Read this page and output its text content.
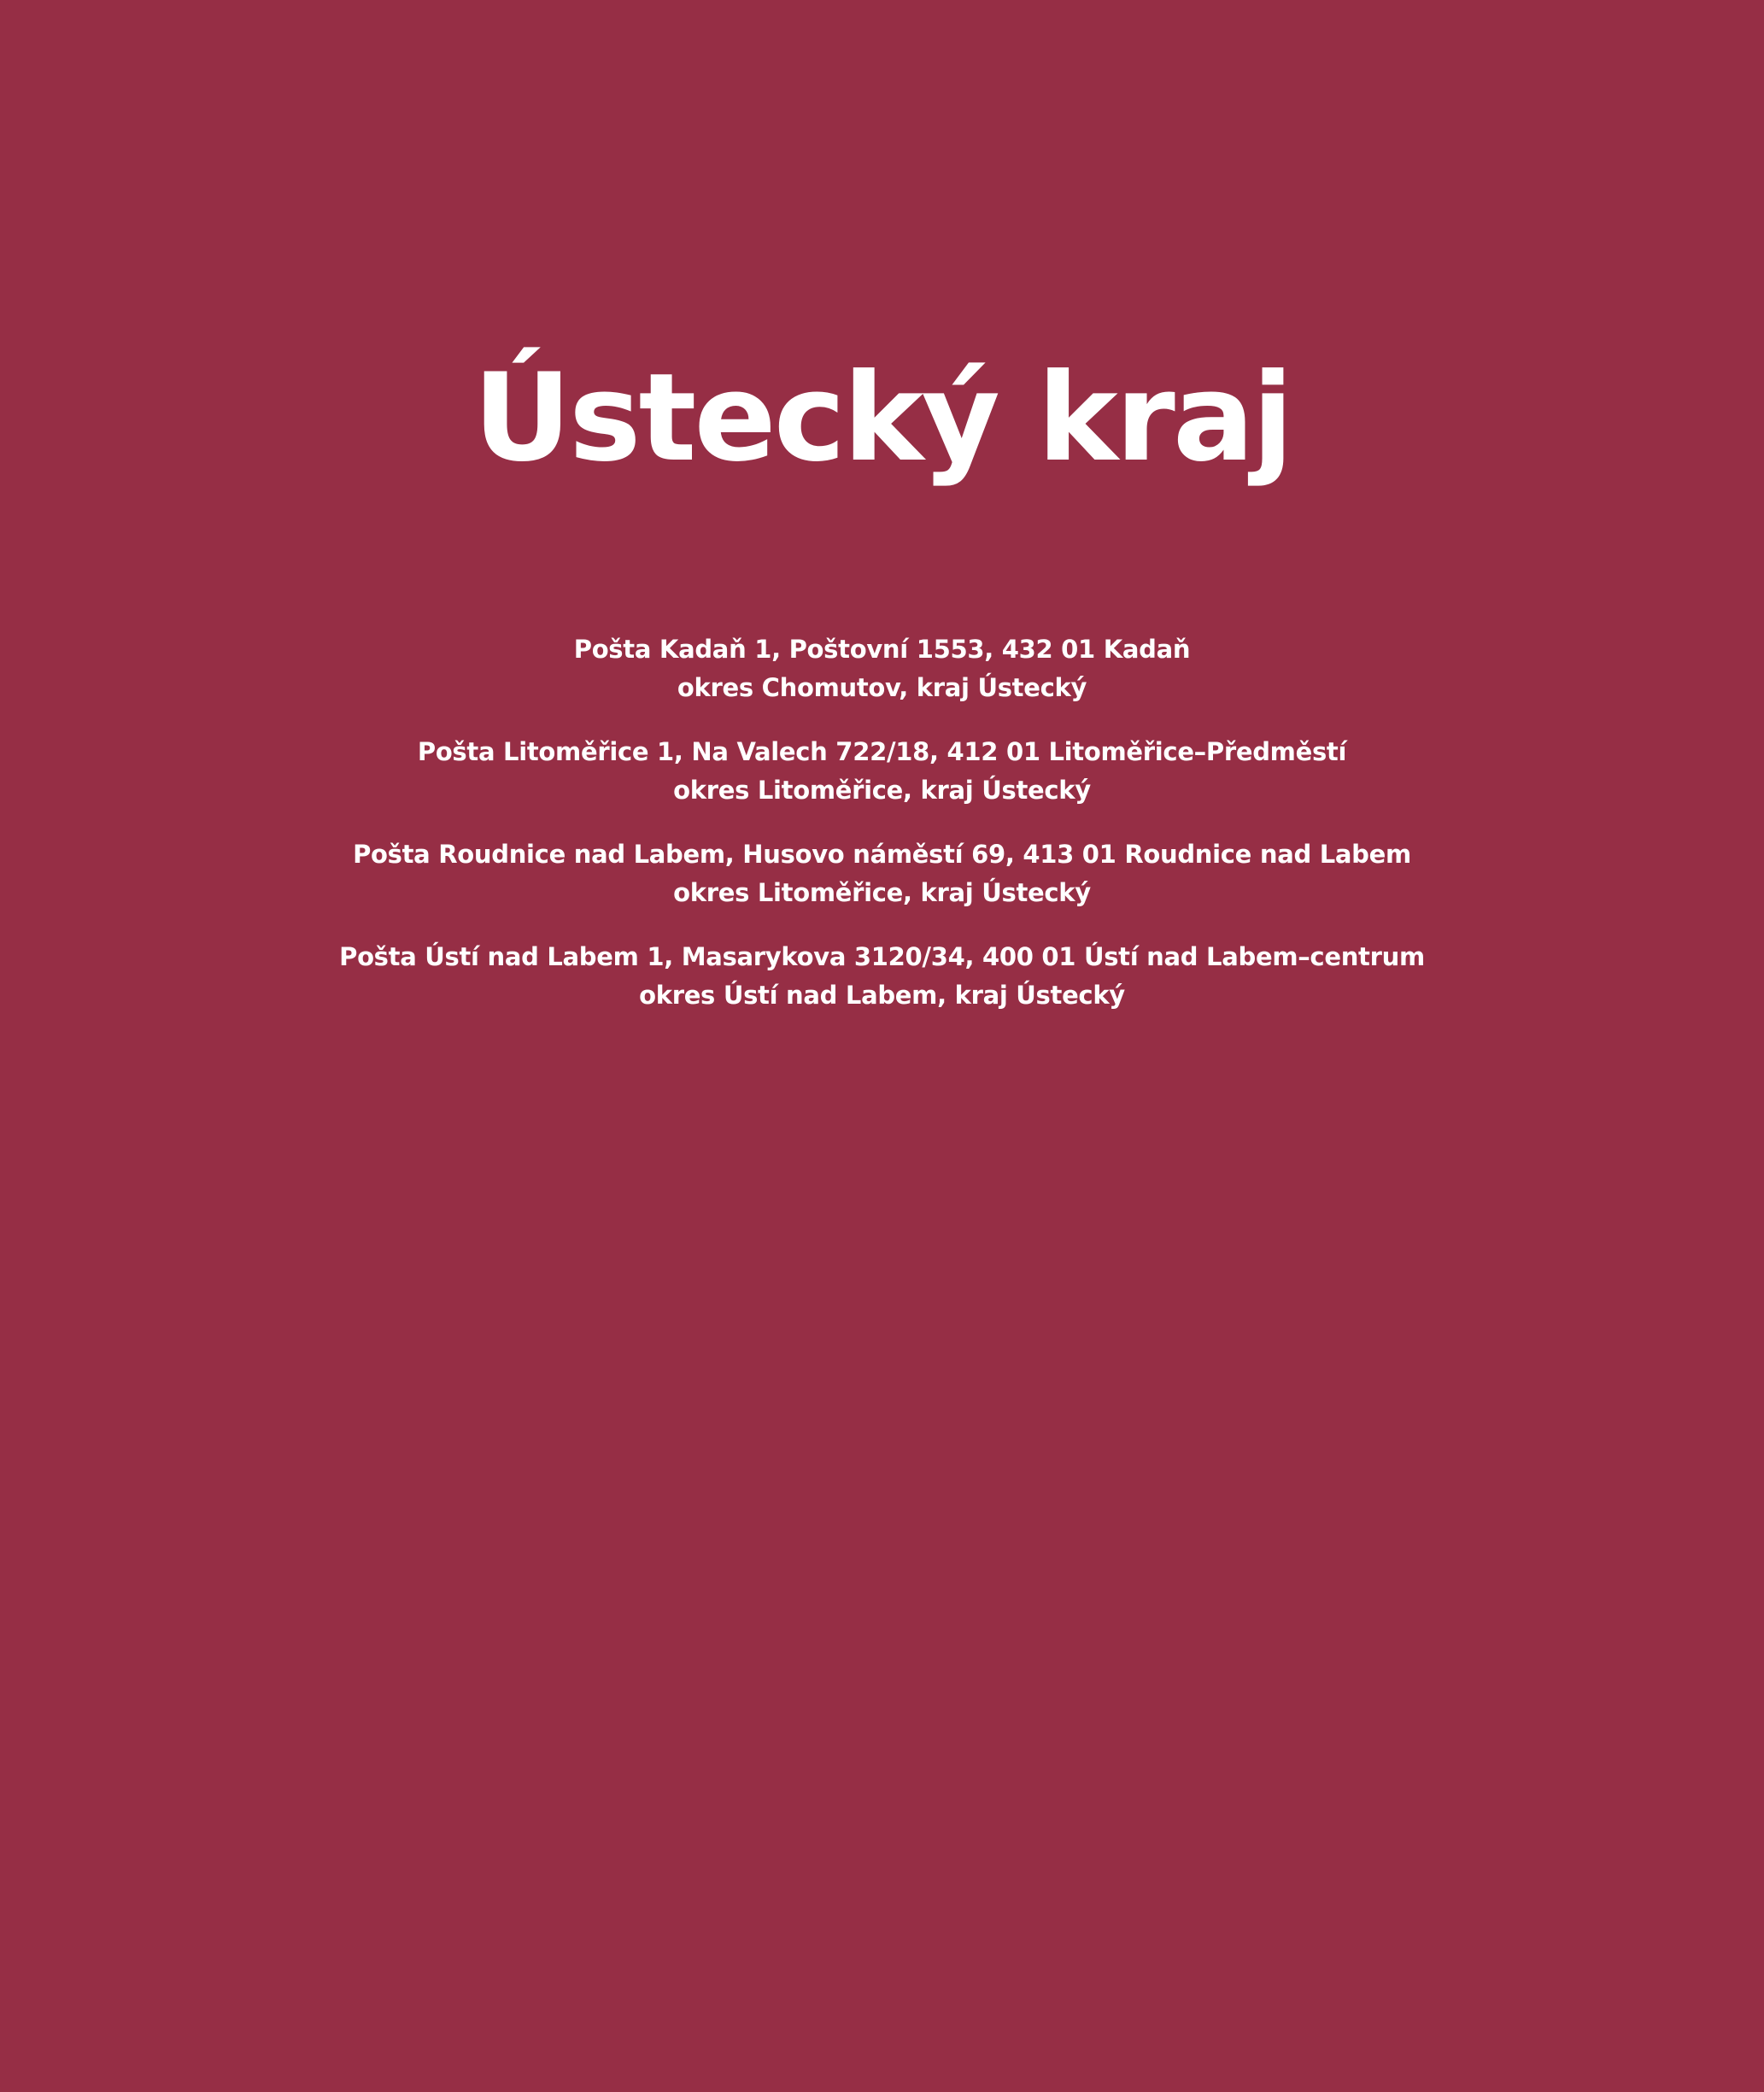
Ústecký kraj
Pošta Kadaň 1, Poštovní 1553, 432 01 Kadaň
okres Chomutov, kraj Ústecký
Pošta Litoměřice 1, Na Valech 722/18, 412 01 Litoměřice–Předměstí
okres Litoměřice, kraj Ústecký
Pošta Roudnice nad Labem, Husovo náměstí 69, 413 01 Roudnice nad Labem
okres Litoměřice, kraj Ústecký
Pošta Ústí nad Labem 1, Masarykova 3120/34, 400 01 Ústí nad Labem–centrum
okres Ústí nad Labem, kraj Ústecký
